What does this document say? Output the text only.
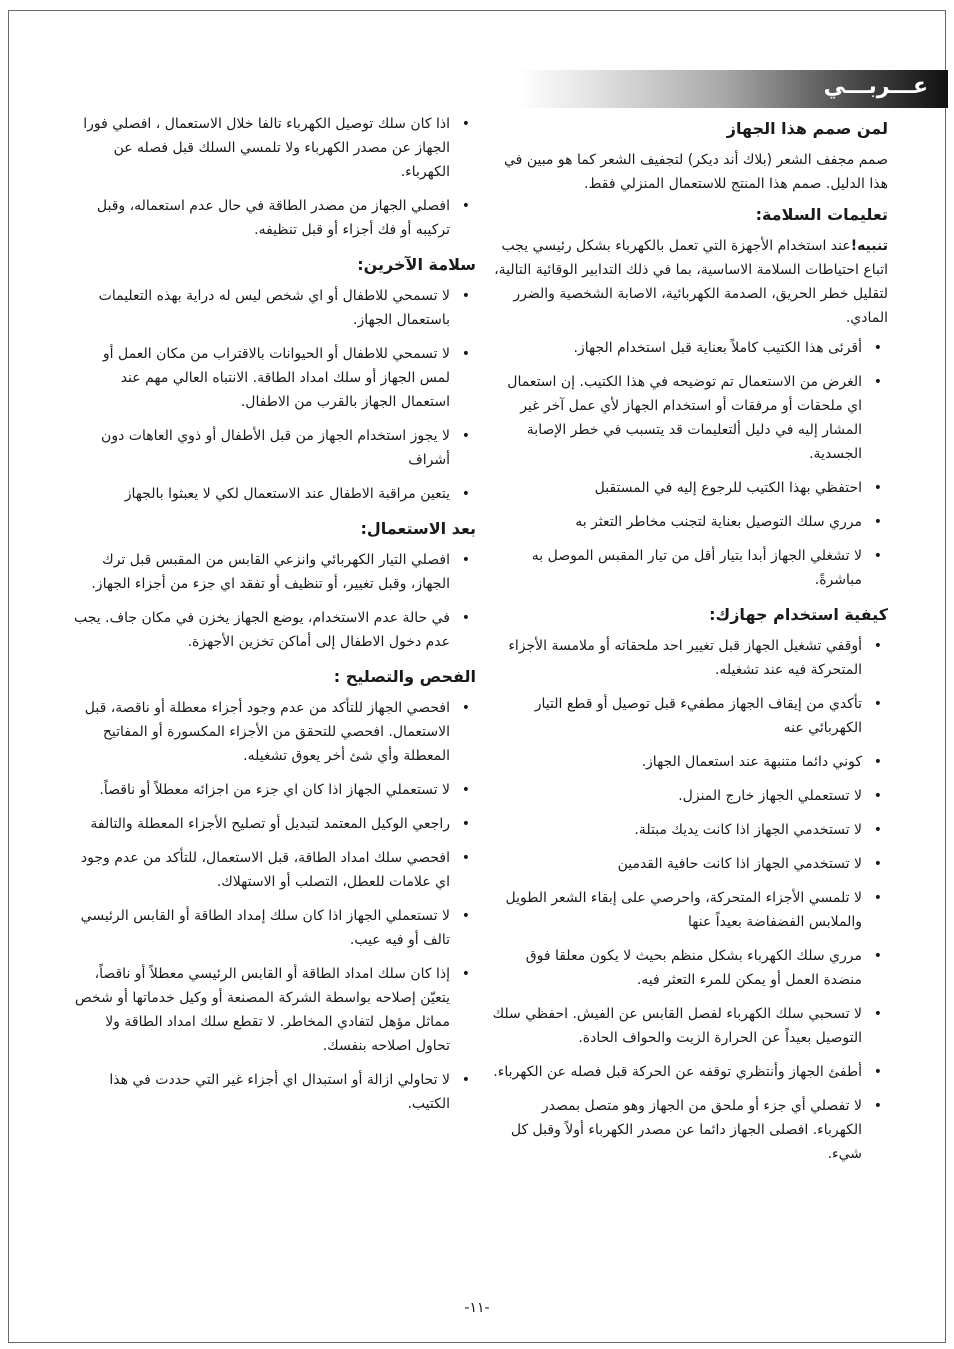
عـــربـــي
لمن صمم هذا الجهاز

صمم مجفف الشعر (بلاك أند ديكر) لتجفيف الشعر كما هو مبين في هذا الدليل. صمم هذا المنتج للاستعمال المنزلي فقط.

تعليمات السلامة:

تنبيه!عند استخدام الأجهزة التي تعمل بالكهرباء بشكل رئيسي يجب اتباع احتياطات السلامة الاساسية، بما في ذلك التدابير الوقائية التالية، لتقليل خطر الحريق، الصدمة الكهربائية، الاصابة الشخصية والضرر المادي.

•
أقرئى هذا الكتيب كاملاً بعناية قبل استخدام الجهاز.
•
الغرض من الاستعمال تم توضيحه في هذا الكتيب. إن استعمال اي ملحقات أو مرفقات أو استخدام الجهاز لأي عمل آخر غير المشار إليه في دليل ألتعليمات قد يتسبب في خطر الإصابة الجسدية.
•
احتفظي بهذا الكتيب للرجوع إليه في المستقبل
•
مرري سلك التوصيل بعناية لتجنب مخاطر التعثر به
•
لا تشغلي الجهاز أبدا بتيار أقل من تيار المقبس الموصل به مباشرةً.
كيفية استخدام جهازك:
•
أوقفي تشغيل الجهاز قبل تغيير احد ملحقاته أو ملامسة الأجزاء المتحركة فيه عند تشغيله.
•
تأكدي من إيقاف الجهاز مطفيء قبل توصيل أو قطع التيار الكهربائي عنه
•
كوني دائما متنبهة عند استعمال الجهاز.
•
لا تستعملي الجهاز خارج المنزل.
•
لا تستخدمي الجهاز اذا كانت يديك مبتلة.
•
لا تستخدمي الجهاز اذا كانت حافية القدمين
•
لا تلمسي الأجزاء المتحركة، واحرصي على إبقاء الشعر الطويل والملابس الفضفاضة بعيداً عنها
•
مرري سلك الكهرباء بشكل منظم بحيث لا يكون معلقا فوق منضدة العمل أو يمكن للمرء التعثر فيه.
•
لا تسحبي سلك الكهرباء لفصل القابس عن الفيش. احفظي سلك التوصيل بعيداً عن الحرارة الزيت والحواف الحادة.
•
أطفئ الجهاز وأنتظري توقفه عن الحركة قبل فصله عن الكهرباء.
•
لا تفصلي أي جزء أو ملحق من الجهاز وهو متصل بمصدر الكهرباء. افصلى الجهاز دائما عن مصدر الكهرباء أولاً وقبل كل شيء.
•
اذا كان سلك توصيل الكهرباء تالفا خلال الاستعمال ، افصلي فورا الجهاز عن مصدر الكهرباء ولا تلمسي السلك قبل فصله عن الكهرباء.
•
افصلي الجهاز من مصدر الطاقة في حال عدم استعماله، وقبل تركيبه أو فك أجزاء أو قبل تنظيفه.
سلامة الآخرين:
•
لا تسمحي للاطفال أو اي شخص ليس له دراية بهذه التعليمات باستعمال الجهاز.
•
لا تسمحي للاطفال أو الحيوانات بالاقتراب من مكان العمل أو لمس الجهاز أو سلك امداد الطاقة. الانتباه العالي مهم عند استعمال الجهاز بالقرب من الاطفال.
•
لا يجوز استخدام الجهاز من قبل الأطفال أو ذوي العاهات دون أشراف
•
يتعين مراقبة الاطفال عند الاستعمال لكي لا يعبثوا بالجهاز
بعد الاستعمال:
•
افصلي التيار الكهربائي وانزعي القابس من المقبس قبل ترك الجهاز، وقبل تغيير، أو تنظيف أو تفقد اي جزء من أجزاء الجهاز.
•
في حالة عدم الاستخدام، يوضع الجهاز يخزن في مكان جاف. يجب عدم دخول الاطفال إلى أماكن تخزين الأجهزة.
الفحص والتصليح :
•
افحصي الجهاز للتأكد من عدم وجود أجزاء معطلة أو ناقصة، قبل الاستعمال. افحصي للتحقق من الأجزاء المكسورة أو المفاتيح المعطلة وأي شئ أخر يعوق تشغيله.
•
لا تستعملي الجهاز اذا كان اي جزء من اجزائه معطلاً أو ناقصاً.
•
راجعي الوكيل المعتمد لتبديل أو تصليح الأجزاء المعطلة والتالفة
•
افحصي سلك امداد الطاقة، قبل الاستعمال، للتأكد من عدم وجود اي علامات للعطل، التصلب أو الاستهلاك.
•
لا تستعملي الجهاز اذا كان سلك إمداد الطاقة أو القابس الرئيسي تالف أو فيه عيب.
•
إذا كان سلك امداد الطاقة أو القابس الرئيسي معطلاً أو ناقصاً، يتعيّن إصلاحه بواسطة الشركة المصنعة أو وكيل خدماتها أو شخص مماثل مؤهل لتفادي المخاطر. لا تقطع سلك امداد الطاقة ولا تحاول اصلاحه بنفسك.
•
لا تحاولي ازالة أو استبدال اي أجزاء غير التي حددت في هذا الكتيب.
-١١-
